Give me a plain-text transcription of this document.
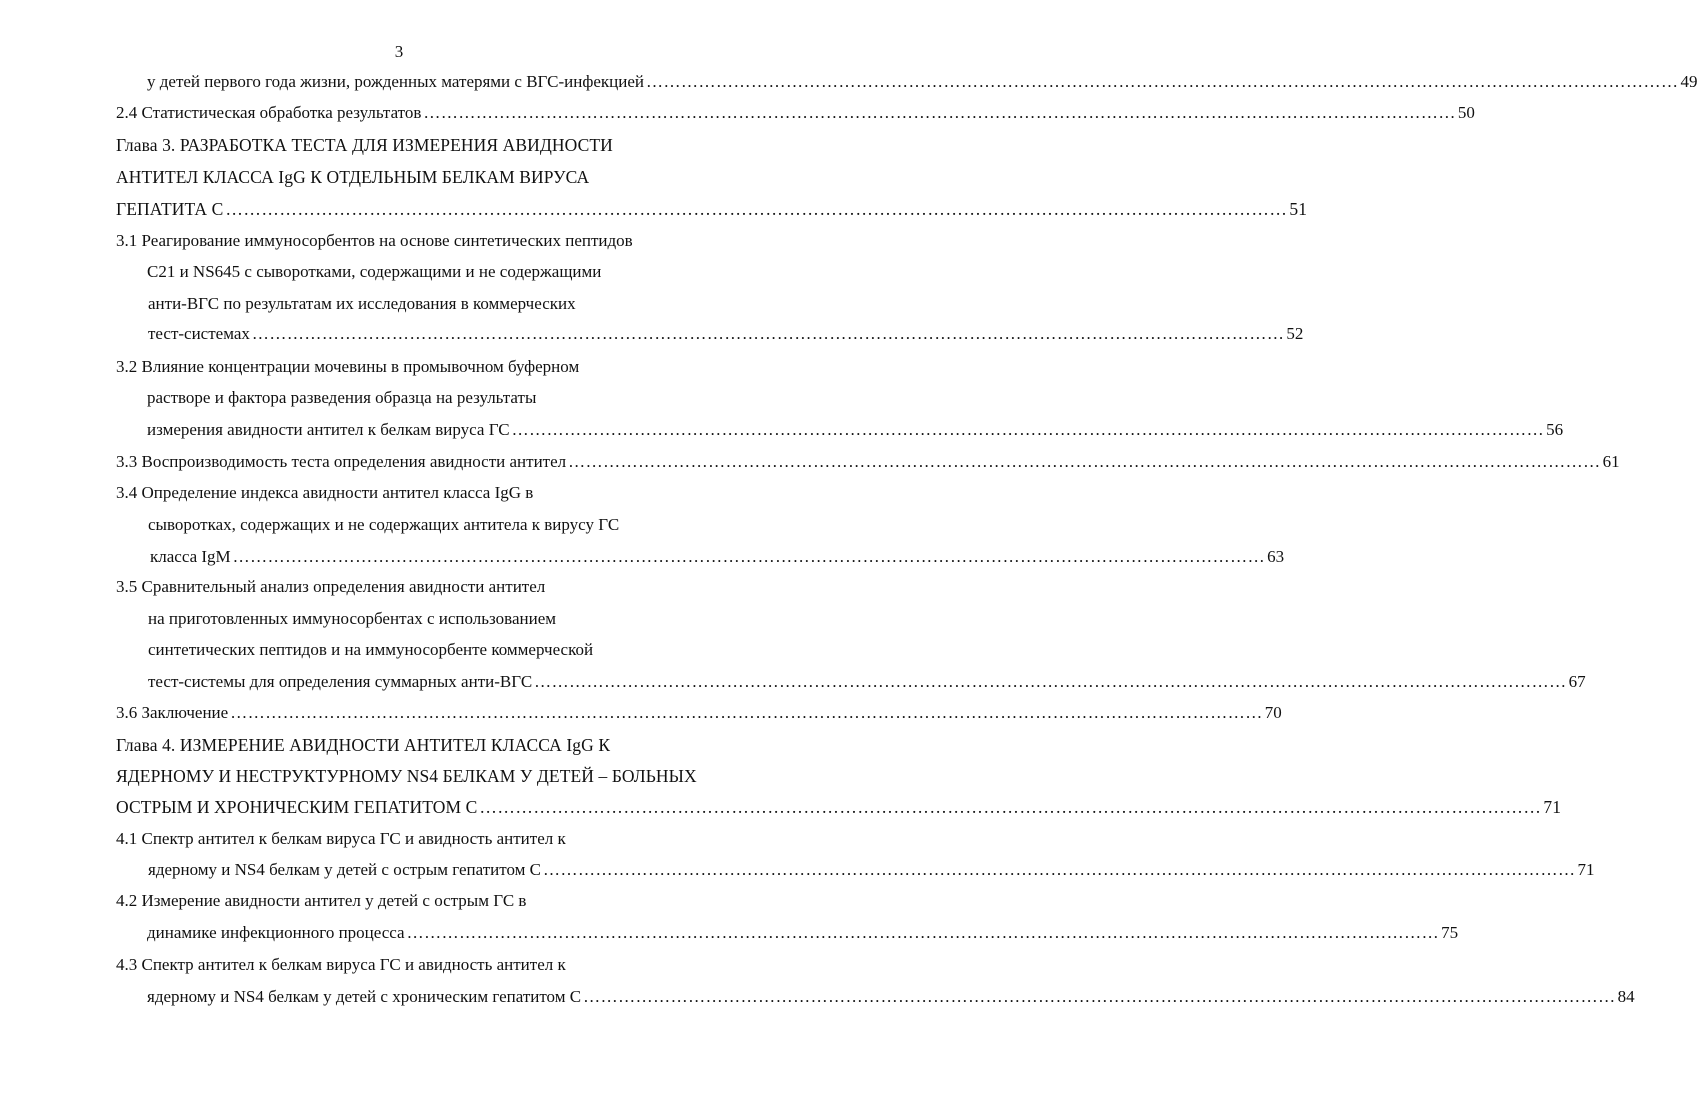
3
у детей первого года жизни, рожденных матерями с ВГС-инфекцией …………………………………………………………………………………………………………………………………………………………… 49
2.4 Статистическая обработка результатов …………………………………………………………………………………………………………………………………………………………… 50
Глава 3. РАЗРАБОТКА ТЕСТА ДЛЯ ИЗМЕРЕНИЯ АВИДНОСТИ
АНТИТЕЛ КЛАССА IgG К ОТДЕЛЬНЫМ БЕЛКАМ ВИРУСА
ГЕПАТИТА С …………………………………………………………………………………………………………………………………………………………… 51
3.1 Реагирование иммуносорбентов на основе синтетических пептидов
С21 и NS645 с сыворотками, содержащими и не содержащими
анти-ВГС по результатам их исследования в коммерческих
тест-системах …………………………………………………………………………………………………………………………………………………………… 52
3.2 Влияние концентрации мочевины в промывочном буферном
растворе и фактора разведения образца на результаты
измерения авидности антител к белкам вируса ГС …………………………………………………………………………………………………………………………………………………………… 56
3.3 Воспроизводимость теста определения авидности антител …………………………………………………………………………………………………………………………………………………………… 61
3.4 Определение индекса авидности антител класса IgG в
сыворотках, содержащих и не содержащих антитела к вирусу ГС
класса IgM …………………………………………………………………………………………………………………………………………………………… 63
3.5 Сравнительный анализ определения авидности антител
на приготовленных иммуносорбентах с использованием
синтетических пептидов и на иммуносорбенте коммерческой
тест-системы для определения суммарных анти-ВГС …………………………………………………………………………………………………………………………………………………………… 67
3.6 Заключение …………………………………………………………………………………………………………………………………………………………… 70
Глава 4. ИЗМЕРЕНИЕ АВИДНОСТИ АНТИТЕЛ КЛАССА IgG К
ЯДЕРНОМУ И НЕСТРУКТУРНОМУ NS4 БЕЛКАМ У ДЕТЕЙ – БОЛЬНЫХ
ОСТРЫМ И ХРОНИЧЕСКИМ ГЕПАТИТОМ С …………………………………………………………………………………………………………………………………………………………… 71
4.1 Спектр антител к белкам вируса ГС и авидность антител к
ядерному и NS4 белкам у детей с острым гепатитом С …………………………………………………………………………………………………………………………………………………………… 71
4.2 Измерение авидности антител у детей с острым ГС в
динамике инфекционного процесса …………………………………………………………………………………………………………………………………………………………… 75
4.3 Спектр антител к белкам вируса ГС и авидность антител к
ядерному и NS4 белкам у детей с хроническим гепатитом С …………………………………………………………………………………………………………………………………………………………… 84
